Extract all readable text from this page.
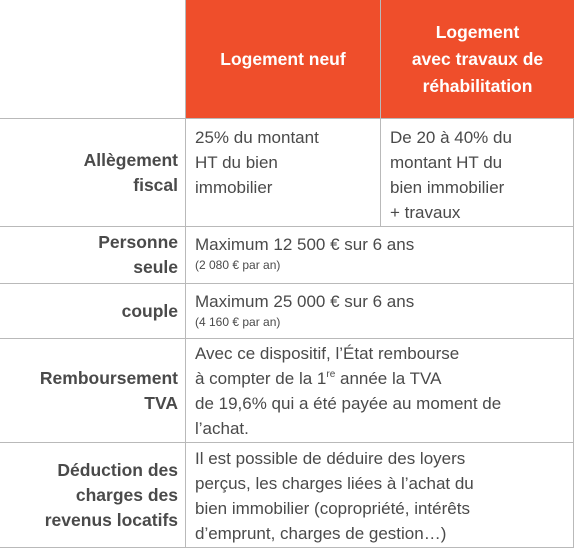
Logement neuf
Logement
avec travaux de
réhabilitation
Allègement
fiscal
25% du montant
HT du bien
immobilier
De 20 à 40% du
montant HT du
bien immobilier
+ travaux
Personne
seule
Maximum 12 500 € sur 6 ans
(2 080 € par an)
couple Maximum 25 000 € sur 6 ans
(4 160 € par an)
Remboursement
TVA
Avec ce dispositif, l’État rembourse
à compter de la 1re année la TVA
de 19,6% qui a été payée au moment de
l’achat.
Déduction des
charges des
revenus locatifs
Il est possible de déduire des loyers
perçus, les charges liées à l’achat du
bien immobilier (copropriété, intérêts
d’emprunt, charges de gestion…)
